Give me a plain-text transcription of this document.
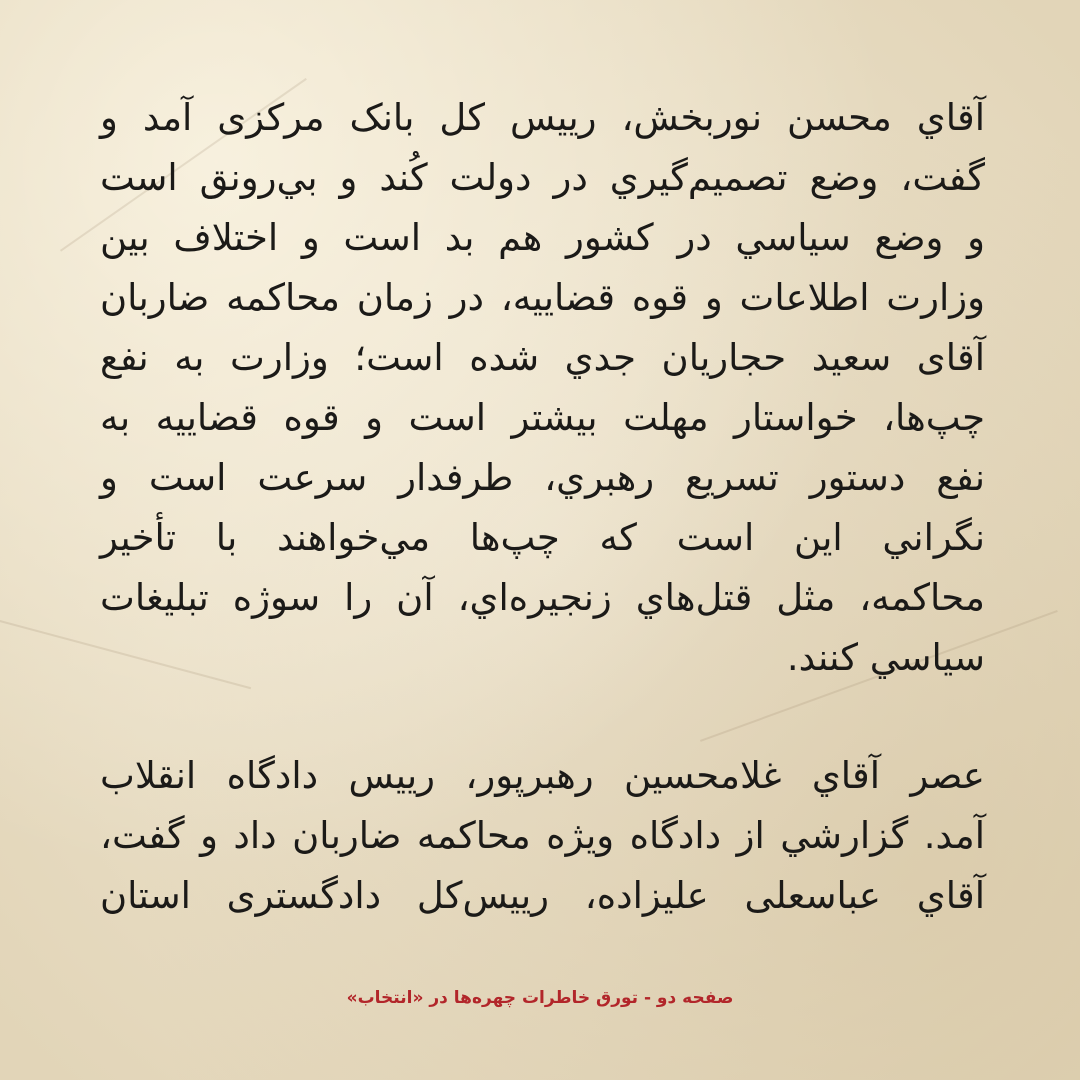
آقاي محسن نوربخش، رييس كل بانک مرکزی آمد و
گفت، وضع تصميم‌گيري در دولت کُند و بي‌رونق است
و وضع سياسي در كشور هم بد است و اختلاف بين
وزارت اطلاعات و قوه قضاييه، در زمان محاكمه ضاربان
آقای سعيد حجاريان جدي شده است؛ وزارت به نفع
چپ‌ها، خواستار مهلت بيشتر است و قوه قضاييه به
نفع دستور تسريع رهبري، طرفدار سرعت است و
نگراني اين است كه چپ‌ها مي‌خواهند با تأخير
محاكمه، مثل قتل‌هاي زنجيره‌اي، آن را سوژه تبليغات
سياسي كنند.
عصر آقاي غلامحسين رهبرپور، رييس دادگاه انقلاب
آمد. گزارشي از دادگاه ويژه محاكمه ضاربان داد و گفت،
آقاي عباسعلی علیزاده، رییس‌کل دادگستری استان
صفحه دو - تورق خاطرات چهره‌ها در «انتخاب»
